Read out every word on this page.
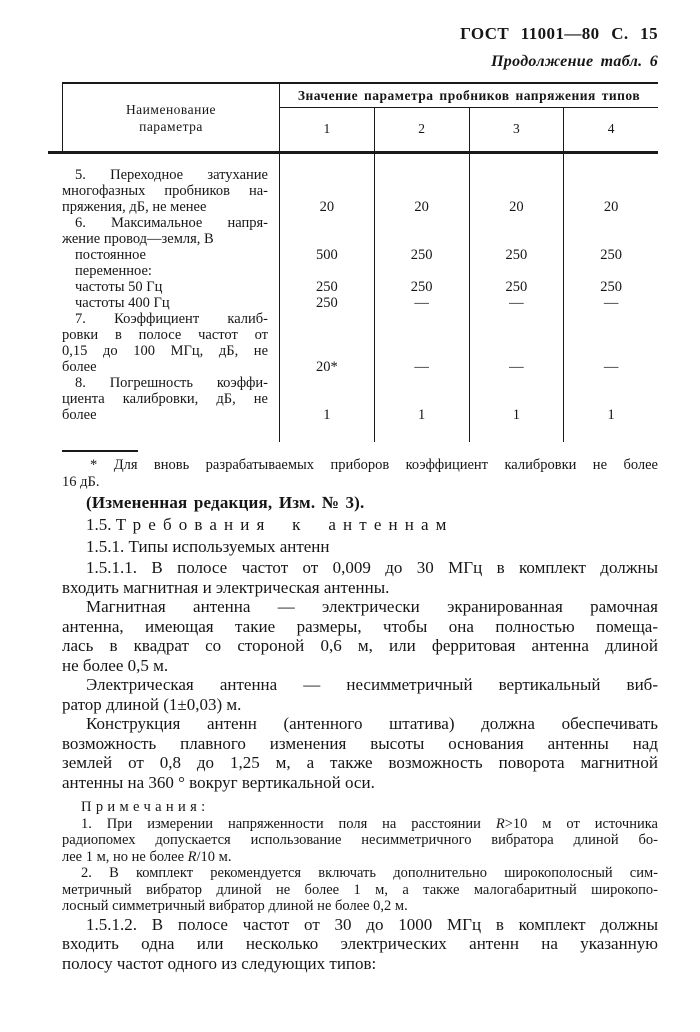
ГОСТ 11001—80 С. 15
Продолжение табл. 6
Наименование
параметра
Значение параметра пробников напряжения типов
1	2	3	4
5. Переходное затухание
многофазных пробников на-
пряжения, дБ, не менее	20	20	20	20
6. Максимальное напря-
жение провод—земля, В
постоянное	500	250	250	250
переменное:
частоты 50 Гц	250	250	250	250
частоты 400 Гц	250	—	—	—
7. Коэффициент калиб-
ровки в полосе частот от
0,15 до 100 МГц, дБ, не
более	20*	—	—	—
8. Погрешность коэффи-
циента калибровки, дБ, не
более	1	1	1	1
* Для вновь разрабатываемых приборов коэффициент калибровки не более
16 дБ.
(Измененная редакция, Изм. № 3).
1.5. Требования к антеннам
1.5.1. Типы используемых антенн
1.5.1.1. В полосе частот от 0,009 до 30 МГц в комплект должны
входить магнитная и электрическая антенны.
Магнитная антенна — электрически экранированная рамочная
антенна, имеющая такие размеры, чтобы она полностью помеща-
лась в квадрат со стороной 0,6 м, или ферритовая антенна длиной
не более 0,5 м.
Электрическая антенна — несимметричный вертикальный виб-
ратор длиной (1±0,03) м.
Конструкция антенн (антенного штатива) должна обеспечивать
возможность плавного изменения высоты основания антенны над
землей от 0,8 до 1,25 м, а также возможность поворота магнитной
антенны на 360 ° вокруг вертикальной оси.
Примечания:
1. При измерении напряженности поля на расстоянии R>10 м от источника
радиопомех допускается использование несимметричного вибратора длиной бо-
лее 1 м, но не более R/10 м.
2. В комплект рекомендуется включать дополнительно широкополосный сим-
метричный вибратор длиной не более 1 м, а также малогабаритный широкопо-
лосный симметричный вибратор длиной не более 0,2 м.
1.5.1.2. В полосе частот от 30 до 1000 МГц в комплект должны
входить одна или несколько электрических антенн на указанную
полосу частот одного из следующих типов:
